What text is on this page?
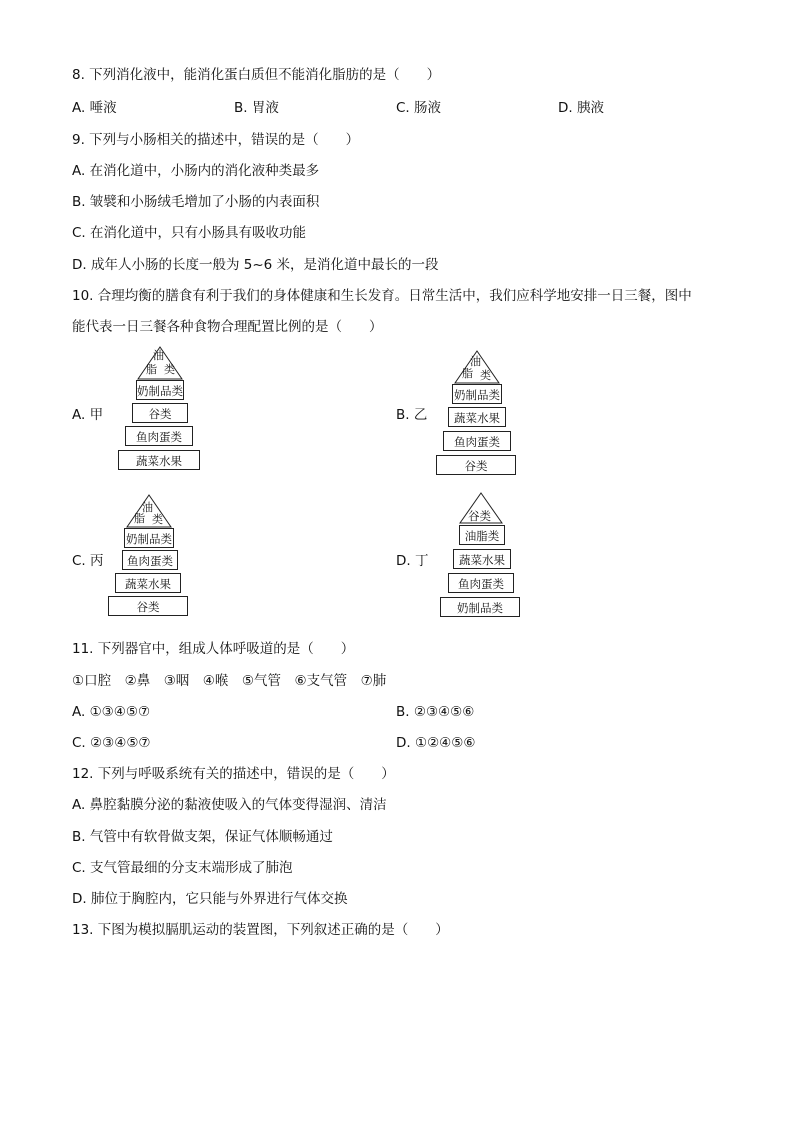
8. 下列消化液中，能消化蛋白质但不能消化脂肪的是（　　）
A. 唾液	B. 胃液	C. 肠液	D. 胰液
9. 下列与小肠相关的描述中，错误的是（　　）
A. 在消化道中，小肠内的消化液种类最多
B. 皱襞和小肠绒毛增加了小肠的内表面积
C. 在消化道中，只有小肠具有吸收功能
D. 成年人小肠的长度一般为 5~6 米，是消化道中最长的一段
10. 合理均衡的膳食有利于我们的身体健康和生长发育。日常生活中，我们应科学地安排一日三餐，图中
能代表一日三餐各种食物合理配置比例的是（　　）
A. 甲
油
脂 类
奶制品类
谷类
鱼肉蛋类
蔬菜水果
B. 乙
油
脂 类
奶制品类
蔬菜水果
鱼肉蛋类
谷类
C. 丙
油
脂 类
奶制品类
鱼肉蛋类
蔬菜水果
谷类
D. 丁
谷类
油脂类
蔬菜水果
鱼肉蛋类
奶制品类
11. 下列器官中，组成人体呼吸道的是（　　）
①口腔　②鼻　③咽　④喉　⑤气管　⑥支气管　⑦肺
A. ①③④⑤⑦	B. ②③④⑤⑥
C. ②③④⑤⑦	D. ①②④⑤⑥
12. 下列与呼吸系统有关的描述中，错误的是（　　）
A. 鼻腔黏膜分泌的黏液使吸入的气体变得湿润、清洁
B. 气管中有软骨做支架，保证气体顺畅通过
C. 支气管最细的分支末端形成了肺泡
D. 肺位于胸腔内，它只能与外界进行气体交换
13. 下图为模拟膈肌运动的装置图，下列叙述正确的是（　　）
